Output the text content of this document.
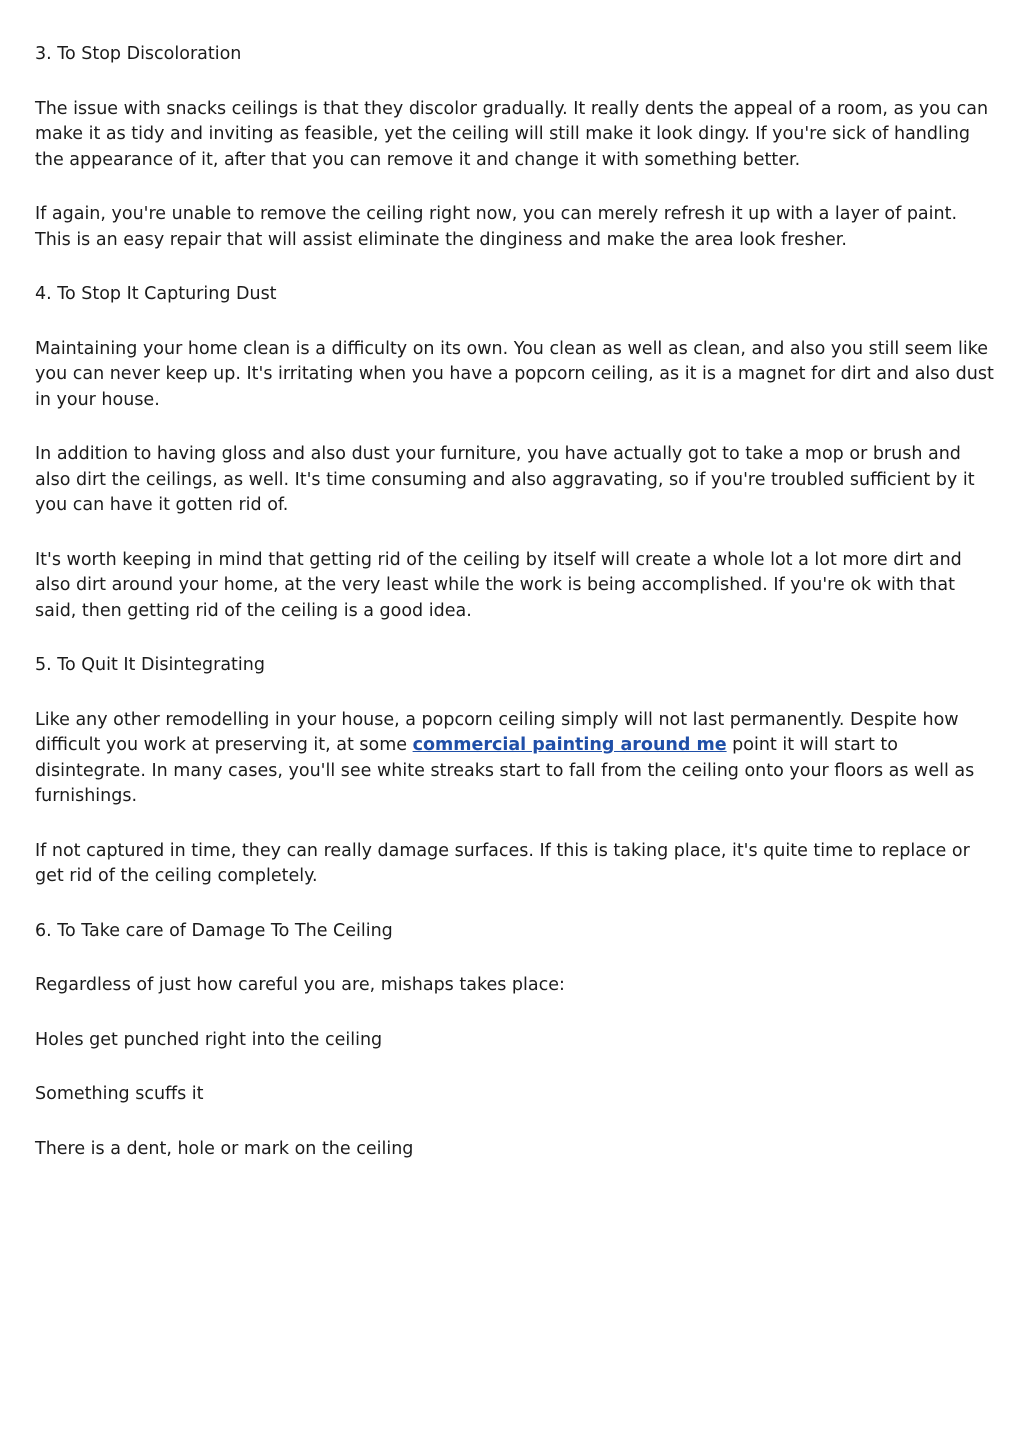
3. To Stop Discoloration

The issue with snacks ceilings is that they discolor gradually. It really dents the appeal of a room, as you can make it as tidy and inviting as feasible, yet the ceiling will still make it look dingy. If you're sick of handling the appearance of it, after that you can remove it and change it with something better.

If again, you're unable to remove the ceiling right now, you can merely refresh it up with a layer of paint. This is an easy repair that will assist eliminate the dinginess and make the area look fresher.

4. To Stop It Capturing Dust

Maintaining your home clean is a difficulty on its own. You clean as well as clean, and also you still seem like you can never keep up. It's irritating when you have a popcorn ceiling, as it is a magnet for dirt and also dust in your house.

In addition to having gloss and also dust your furniture, you have actually got to take a mop or brush and also dirt the ceilings, as well. It's time consuming and also aggravating, so if you're troubled sufficient by it you can have it gotten rid of.

It's worth keeping in mind that getting rid of the ceiling by itself will create a whole lot a lot more dirt and also dirt around your home, at the very least while the work is being accomplished. If you're ok with that said, then getting rid of the ceiling is a good idea.

5. To Quit It Disintegrating

Like any other remodelling in your house, a popcorn ceiling simply will not last permanently. Despite how difficult you work at preserving it, at some commercial painting around me point it will start to disintegrate. In many cases, you'll see white streaks start to fall from the ceiling onto your floors as well as furnishings.

If not captured in time, they can really damage surfaces. If this is taking place, it's quite time to replace or get rid of the ceiling completely.

6. To Take care of Damage To The Ceiling

Regardless of just how careful you are, mishaps takes place:

Holes get punched right into the ceiling

Something scuffs it

There is a dent, hole or mark on the ceiling
